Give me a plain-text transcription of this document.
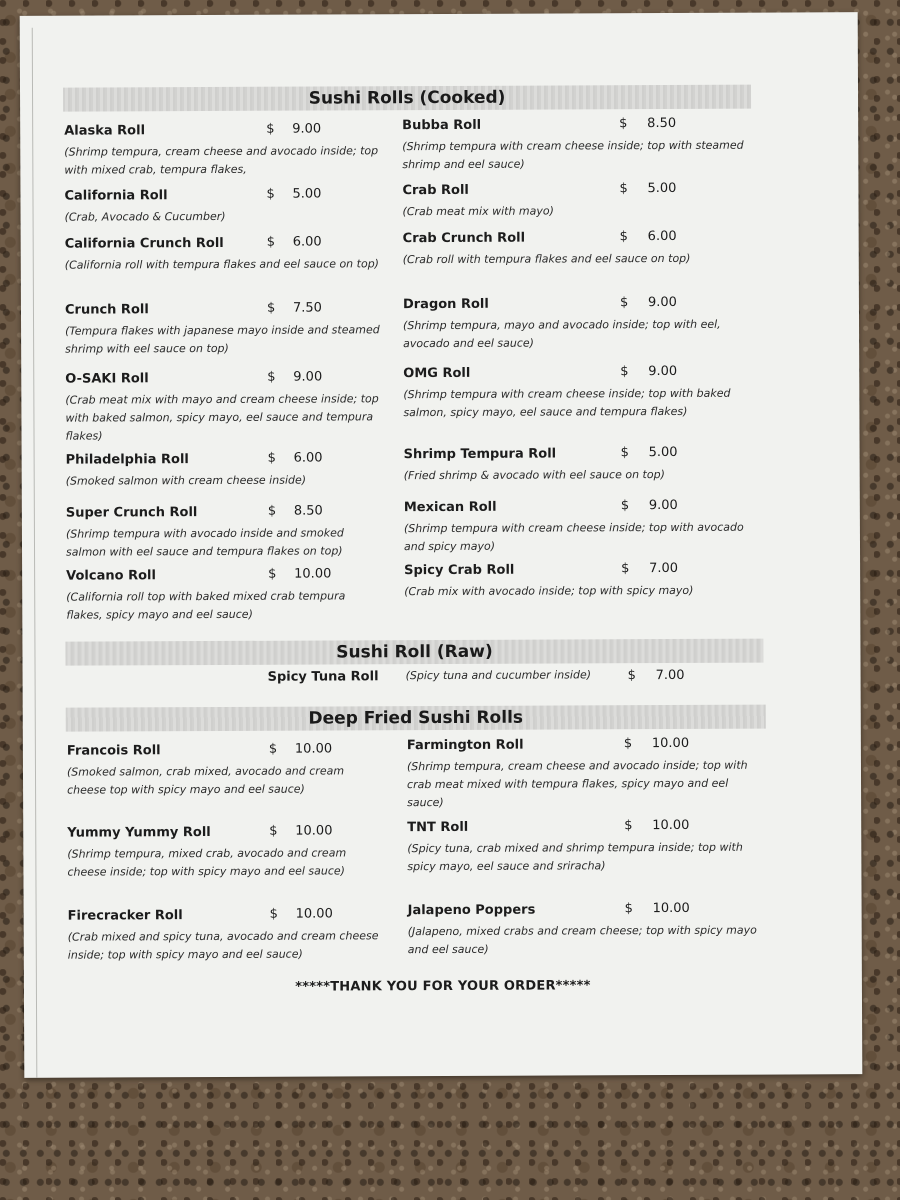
Sushi Rolls (Cooked)
Alaska Roll	$ 9.00
(Shrimp tempura, cream cheese and avocado inside; top with mixed crab, tempura flakes,
Bubba Roll	$ 8.50
(Shrimp tempura with cream cheese inside; top with steamed shrimp and eel sauce)
California Roll	$ 5.00
(Crab, Avocado & Cucumber)
Crab Roll	$ 5.00
(Crab meat mix with mayo)
California Crunch Roll	$ 6.00
(California roll with tempura flakes and eel sauce on top)
Crab Crunch Roll	$ 6.00
(Crab roll with tempura flakes and eel sauce on top)
Crunch Roll	$ 7.50
(Tempura flakes with japanese mayo inside and steamed shrimp with eel sauce on top)
Dragon Roll	$ 9.00
(Shrimp tempura, mayo and avocado inside; top with eel, avocado and eel sauce)
O-SAKI Roll	$ 9.00
(Crab meat mix with mayo and cream cheese inside; top with baked salmon, spicy mayo, eel sauce and tempura flakes)
OMG Roll	$ 9.00
(Shrimp tempura with cream cheese inside; top with baked salmon, spicy mayo, eel sauce and tempura flakes)
Philadelphia Roll	$ 6.00
(Smoked salmon with cream cheese inside)
Shrimp Tempura Roll	$ 5.00
(Fried shrimp & avocado with eel sauce on top)
Super Crunch Roll	$ 8.50
(Shrimp tempura with avocado inside and smoked salmon with eel sauce and tempura flakes on top)
Mexican Roll	$ 9.00
(Shrimp tempura with cream cheese inside; top with avocado and spicy mayo)
Volcano Roll	$ 10.00
(California roll top with baked mixed crab tempura flakes, spicy mayo and eel sauce)
Spicy Crab Roll	$ 7.00
(Crab mix with avocado inside; top with spicy mayo)
Sushi Roll (Raw)
Spicy Tuna Roll (Spicy tuna and cucumber inside)	$ 7.00
Deep Fried Sushi Rolls
Francois Roll	$ 10.00
(Smoked salmon, crab mixed, avocado and cream cheese top with spicy mayo and eel sauce)
Farmington Roll	$ 10.00
(Shrimp tempura, cream cheese and avocado inside; top with crab meat mixed with tempura flakes, spicy mayo and eel sauce)
Yummy Yummy Roll	$ 10.00
(Shrimp tempura, mixed crab, avocado and cream cheese inside; top with spicy mayo and eel sauce)
TNT Roll	$ 10.00
(Spicy tuna, crab mixed and shrimp tempura inside; top with spicy mayo, eel sauce and sriracha)
Firecracker Roll	$ 10.00
(Crab mixed and spicy tuna, avocado and cream cheese inside; top with spicy mayo and eel sauce)
Jalapeno Poppers	$ 10.00
(Jalapeno, mixed crabs and cream cheese; top with spicy mayo and eel sauce)
*****THANK YOU FOR YOUR ORDER*****
